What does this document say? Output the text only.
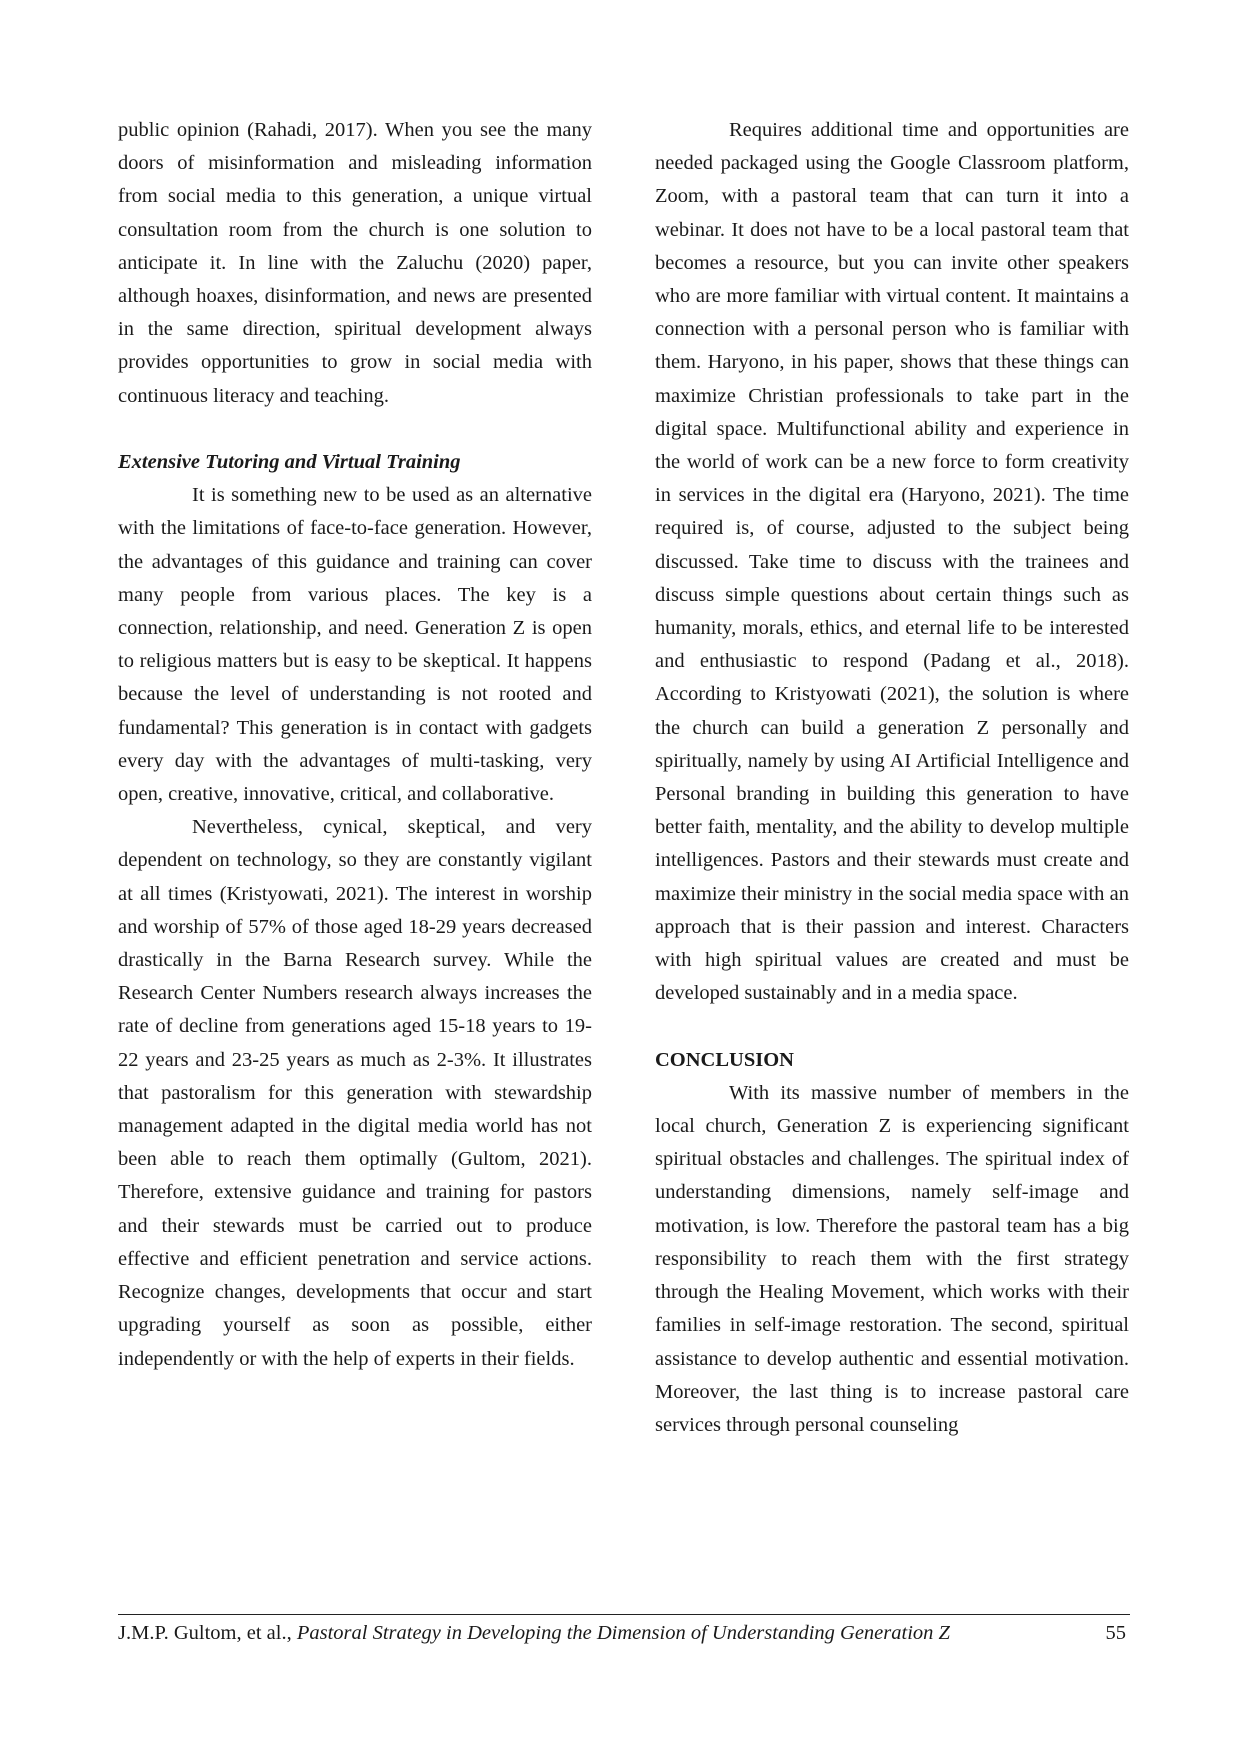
public opinion (Rahadi, 2017). When you see the many doors of misinformation and misleading information from social media to this generation, a unique virtual consultation room from the church is one solution to anticipate it. In line with the Zaluchu (2020) paper, although hoaxes, disinformation, and news are presented in the same direction, spiritual development always provides opportunities to grow in social media with continuous literacy and teaching.

Extensive Tutoring and Virtual Training

It is something new to be used as an alternative with the limitations of face-to-face generation. However, the advantages of this guidance and training can cover many people from various places. The key is a connection, relationship, and need. Generation Z is open to religious matters but is easy to be skeptical. It happens because the level of understanding is not rooted and fundamental? This generation is in contact with gadgets every day with the advantages of multi-tasking, very open, creative, innovative, critical, and collaborative.

Nevertheless, cynical, skeptical, and very dependent on technology, so they are constantly vigilant at all times (Kristyowati, 2021). The interest in worship and worship of 57% of those aged 18-29 years decreased drastically in the Barna Research survey. While the Research Center Numbers research always increases the rate of decline from generations aged 15-18 years to 19-22 years and 23-25 years as much as 2-3%. It illustrates that pastoralism for this generation with stewardship management adapted in the digital media world has not been able to reach them optimally (Gultom, 2021). Therefore, extensive guidance and training for pastors and their stewards must be carried out to produce effective and efficient penetration and service actions. Recognize changes, developments that occur and start upgrading yourself as soon as possible, either independently or with the help of experts in their fields.

Requires additional time and opportunities are needed packaged using the Google Classroom platform, Zoom, with a pastoral team that can turn it into a webinar. It does not have to be a local pastoral team that becomes a resource, but you can invite other speakers who are more familiar with virtual content. It maintains a connection with a personal person who is familiar with them. Haryono, in his paper, shows that these things can maximize Christian professionals to take part in the digital space. Multifunctional ability and experience in the world of work can be a new force to form creativity in services in the digital era (Haryono, 2021). The time required is, of course, adjusted to the subject being discussed. Take time to discuss with the trainees and discuss simple questions about certain things such as humanity, morals, ethics, and eternal life to be interested and enthusiastic to respond (Padang et al., 2018). According to Kristyowati (2021), the solution is where the church can build a generation Z personally and spiritually, namely by using AI Artificial Intelligence and Personal branding in building this generation to have better faith, mentality, and the ability to develop multiple intelligences. Pastors and their stewards must create and maximize their ministry in the social media space with an approach that is their passion and interest. Characters with high spiritual values are created and must be developed sustainably and in a media space.

CONCLUSION

With its massive number of members in the local church, Generation Z is experiencing significant spiritual obstacles and challenges. The spiritual index of understanding dimensions, namely self-image and motivation, is low. Therefore the pastoral team has a big responsibility to reach them with the first strategy through the Healing Movement, which works with their families in self-image restoration. The second, spiritual assistance to develop authentic and essential motivation. Moreover, the last thing is to increase pastoral care services through personal counseling

J.M.P. Gultom, et al., Pastoral Strategy in Developing the Dimension of Understanding Generation Z	55
